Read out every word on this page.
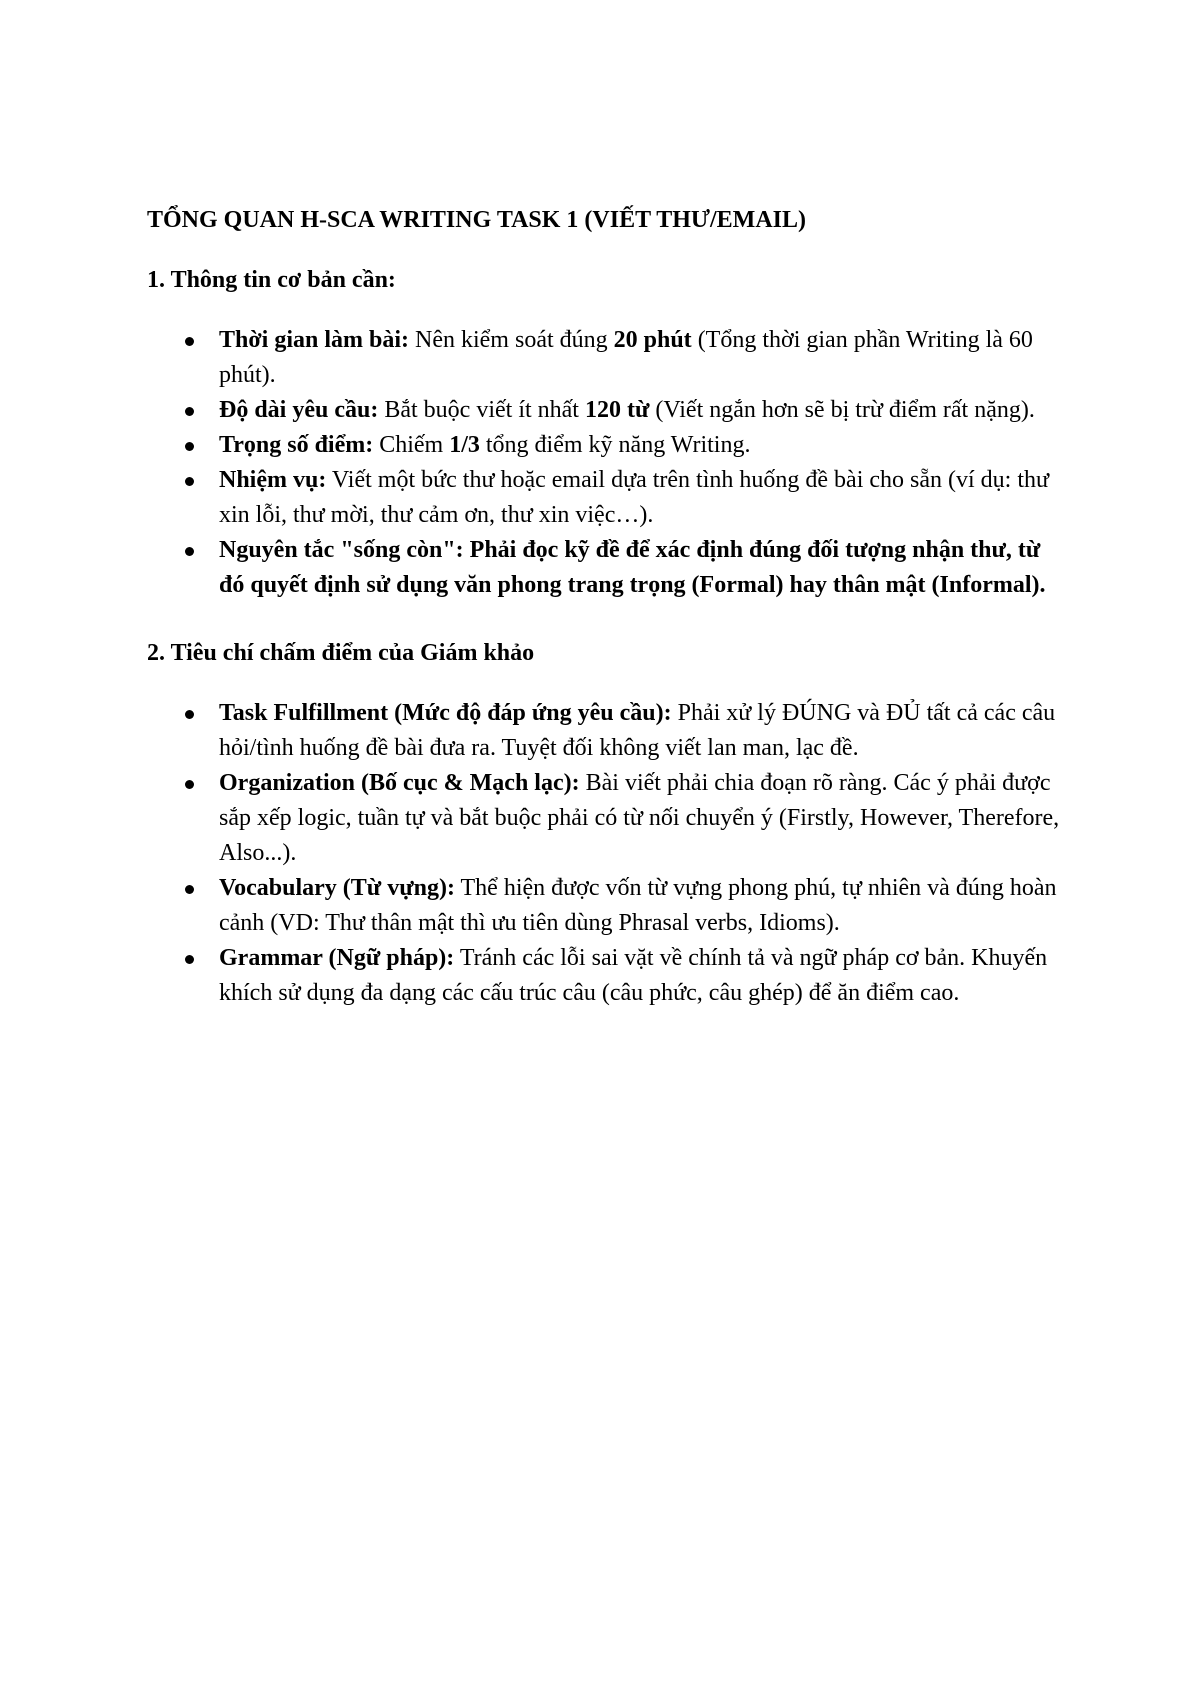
TỔNG QUAN H-SCA WRITING TASK 1 (VIẾT THƯ/EMAIL)
1. Thông tin cơ bản cần:
Thời gian làm bài: Nên kiểm soát đúng 20 phút (Tổng thời gian phần Writing là 60 phút).
Độ dài yêu cầu: Bắt buộc viết ít nhất 120 từ (Viết ngắn hơn sẽ bị trừ điểm rất nặng).
Trọng số điểm: Chiếm 1/3 tổng điểm kỹ năng Writing.
Nhiệm vụ: Viết một bức thư hoặc email dựa trên tình huống đề bài cho sẵn (ví dụ: thư xin lỗi, thư mời, thư cảm ơn, thư xin việc…).
Nguyên tắc "sống còn": Phải đọc kỹ đề để xác định đúng đối tượng nhận thư, từ đó quyết định sử dụng văn phong trang trọng (Formal) hay thân mật (Informal).
2. Tiêu chí chấm điểm của Giám khảo
Task Fulfillment (Mức độ đáp ứng yêu cầu): Phải xử lý ĐÚNG và ĐỦ tất cả các câu hỏi/tình huống đề bài đưa ra. Tuyệt đối không viết lan man, lạc đề.
Organization (Bố cục & Mạch lạc): Bài viết phải chia đoạn rõ ràng. Các ý phải được sắp xếp logic, tuần tự và bắt buộc phải có từ nối chuyển ý (Firstly, However, Therefore, Also...).
Vocabulary (Từ vựng): Thể hiện được vốn từ vựng phong phú, tự nhiên và đúng hoàn cảnh (VD: Thư thân mật thì ưu tiên dùng Phrasal verbs, Idioms).
Grammar (Ngữ pháp): Tránh các lỗi sai vặt về chính tả và ngữ pháp cơ bản. Khuyến khích sử dụng đa dạng các cấu trúc câu (câu phức, câu ghép) để ăn điểm cao.
